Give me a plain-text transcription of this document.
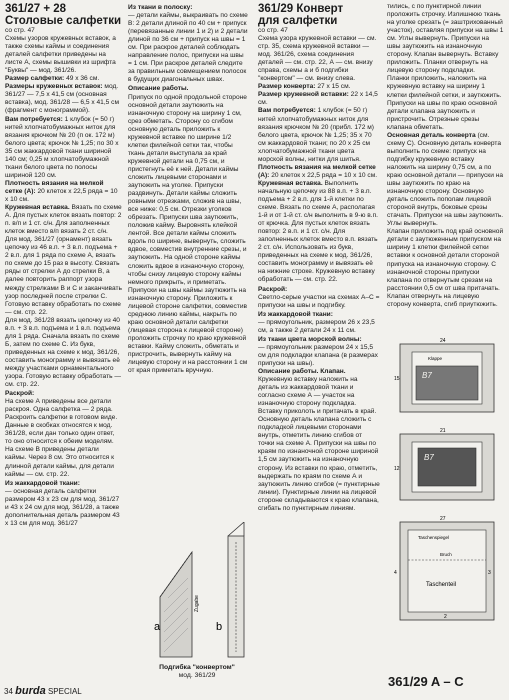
361/27 + 28
Столовые салфетки
со стр. 47
Схемы узоров кружевных вставок, а также схемы каймы и соединения деталей салфетки приведены на листе А, схемы вышивки из шрифта "Буквы" — мод. 361/26.
Размер салфетки: 49 х 36 см.
Размеры кружевных вставок: мод. 361/27 — 7,5 х 41,5 см (основная вставка), мод. 361/28 — 6,5 х 41,5 см (фрагмент с монограммой).
Вам потребуется: 1 клубок (= 50 г) нитей хлопчатобумажных ниток для вязания крючком № 20 (п ок. 172 м) белого цвета; крючок № 1,25; по 30 х 35 см жаккардовой ткани шириной 140 см; 0,25 м хлопчатобумажной ткани белого цвета по полосы шириной 120 см.
Плотность вязания на мелкой сетке (А): 20 клеток х 22,5 ряда = 10 х 10 см.
Кружевная вставка. Вязать по схеме А. Для пустых клеток вязать повтор: 2 п. в/п и 1 ст. с/н. Для заполненных клеток вместо в/п вязать 2 ст. с/н.
Для мод. 361/27 (орнамент) вязать цепочку из 46 в.п. + 3 в.п. подъема + 2 в.п. для 1 ряда по схеме А, вязать по схеме до 15 раз в высоту. Связать ряды от стрелки А до стрелки В, а далее повторить раппорт узора между стрелками В и С и заканчивать узор последней после стрелки С. Готовую вставку обработать по схеме — см. стр. 22.
Для мод. 361/28 вязать цепочку из 40 в.п. + 3 в.п. подъема и 1 в.п. подъема для 1 ряда. Сначала вязать по схеме Б, затем по схеме С. Из букв, приведенных на схеме к мод. 361/26, составить монограмму и вывязать её между участками орнаментального узора. Готовую вставку обработать — см. стр. 22.
Раскрой:
На схеме А приведены все детали раскроя. Одна салфетка — 2 ряда. Раскроить салфетки в готовом виде. Данные в скобках относятся к мод. 361/28, если дан только один ответ, то оно относится к обеим моделям. На схеме В приведены детали каймы. Через 8 см. Это относится к длинной детали каймы, для детали каймы — см. стр. 22.
Из жаккардовой ткани:
— основная деталь салфетки размером 43 х 23 см для мод. 361/27 и 43 х 24 см для мод. 361/28, а также дополнительная деталь размером 43 х 13 см для мод. 361/27
Из ткани в полоску:
— детали каймы, выкраивать по схеме В: 2 детали длиной по 40 см + припуск (перевязанные линии 1 и 2) и 2 детали длиной по 36 см + припуск на швы = 1 см. При раскрое деталей соблюдать направление полос, припуски на швы = 1 см. При раскрое деталей следите за правильным совмещением полосок в будущих диагональных швах.
Описание работы.
Припуск по одной продольной стороне основной детали заутюжить на изнаночную сторону на ширину 1 см, срез обметать. Сторону со сгибом основную деталь приложить к кружевной вставке по ширине 1/2 клетки филейной сетки так, чтобы ткань детали выступала за край кружевной детали на 0,75 см, и пристегнуть её к ней. Детали каймы сложить лицевыми сторонами и заутюжить на уголке. Припуски раздвинуть. Детали каймы сложить ровными отрезками, сложив на швы, все ниже: 0,5 см. Отрезки уголков обрезать. Припуски шва заутюжить, положив кайму. Выровнять клейкой лентой. Все детали каймы сложить вдоль по ширине, вывернуть, сложить вдвое, совместив внутренние срезы, и заутюжить. На одной стороне каймы сложить вдвое в изнаночную сторону, чтобы снизу лицевую сторону каймы немного прикрыть, и приметать. Припуски на швы каймы заутюжить на изнаночную сторону. Приложить к лицевой стороне салфетки, совместив среднюю линию каймы, накрыть по краю основной детали салфетки (лицевая сторона к лицевой стороне) проложить строчку по краю кружевной вставки. Кайму сложить, обметать и пристрочить, вывернуть кайму на лицевую сторону и на расстоянии 1 см от края приметать вручную.
a	b
Zugabe
Подгибка "конвертом"
мод. 361/29
361/29 Конверт
для салфетки
со стр. 47
Схема узора кружевной вставки — см. стр. 35, схема кружевной вставки — мод. 361/26, схема соединения деталей — см. стр. 22, А — см. внизу справа, схемы а и б подгибки "конвертом" — см. внизу слева.
Размер конверта: 27 х 15 см.
Размер кружевной вставки: 22 х 14,5 см.
Вам потребуется: 1 клубок (= 50 г) нитей хлопчатобумажных ниток для вязания крючком № 20 (прибл. 172 м) белого цвета, крючок № 1,25; 35 х 70 см жаккардовой ткани; по 20 х 25 см хлопчатобумажной ткани цвета морской волны, нитки для шитья.
Плотность вязания на мелкой сетке (А): 20 клеток х 22,5 ряда = 10 х 10 см.
Кружевная вставка. Выполнить начальную цепочку из 88 в.п. + 3 в.п. подъема + 2 в.п. для 1-й клетки по схеме. Вязать по схеме А, располагая 1-й и от 1-й ст. с/н выполнить в 9-ю в.п. от крючка. Для пустых клеток вязать повтор: 2 в.п. и 1 ст. с/н. Для заполненных клеток вместо в.п. вязать 2 ст. с/н. Использовать из букв, приведенных на схеме к мод. 361/26, составить монограмму и вывязать её на нижние строке. Кружевную вставку обработать — см. стр. 22.
Раскрой:
Светло-серые участки на схемах А–С = припуски на швы и подгибку.
Из жаккардовой ткани:
— прямоугольник, размером 26 х 23,5 см, а также 2 детали 24 х 11 см.
Из ткани цвета морской волны:
— прямоугольник размером 24 х 15,5 см для подкладки клапана (в размерах припуски на швы).
Описание работы. Клапан. Кружевную вставку наложить на деталь из жаккардовой ткани и согласно схеме А — участок на изнаночную сторону подкладка. Вставку приколоть и притачать в край. Основную деталь клапана сложить с подкладкой лицевыми сторонами внутрь, отметить линию сгибов от точки на схеме А. Припуски на швы по краям по изнаночной стороне шириной 1,5 см заутюжить на изнаночную сторону. Из вставки по краю, отметить, выдержать по краям по схеме А и заутюжить линию сгибов (= пунктирные линии). Пунктирные линии на лицевой стороне складываются к краю клапана, сгибать по пунктирным линиям.
тились, с по пунктирной линии проложить строчку. Излишнюю ткань на уголке срезать (= заштрихованный участок), оставляя припуски на швы 1 см. Углы вывернуть. Припуски на швы заутюжить на изнаночную сторону. Клапан вывернуть. Вставку приложить. Планки отвернуть на лицевую сторону подкладки.
Планки приложить, наложить на кружевную вставку на ширину 1 клетки филейной сетки, и заутюжить. Припуски на швы по краю основной детали клапана заутюжить и пристрочить. Отрезные срезы клапана обметать.
Основная деталь конверта (см. схему С). Основную деталь конверта выполнить по схеме: припуск на подгибку кружевную вставку наложить на ширину 0,75 см, а по краю основной детали — припуски на швы заутюжить по краю на изнаночную сторону. Основную деталь сложить пополам лицевой стороной внутрь, боковые срезы стачать. Припуски на швы заутюжить. Углы вывернуть.
Клапан приложить под край основной детали с заутюженным припуском на ширину 1 клетки филейной сетки вставки к основной детали стороной припуска на изнаночную сторону. С изнаночной стороны припуски клапана по отвернутым срезам на расстоянии 0,5 см от шва притачать. Клапан отвернуть на лицевую сторону конверта, сгиб приутюжить.
B7
Klappe
24
15
B7
21
12
Taschenspiegel
Bruch
Taschenteil
27
4	3
2
361/29 A – C
34 burda SPECIAL
